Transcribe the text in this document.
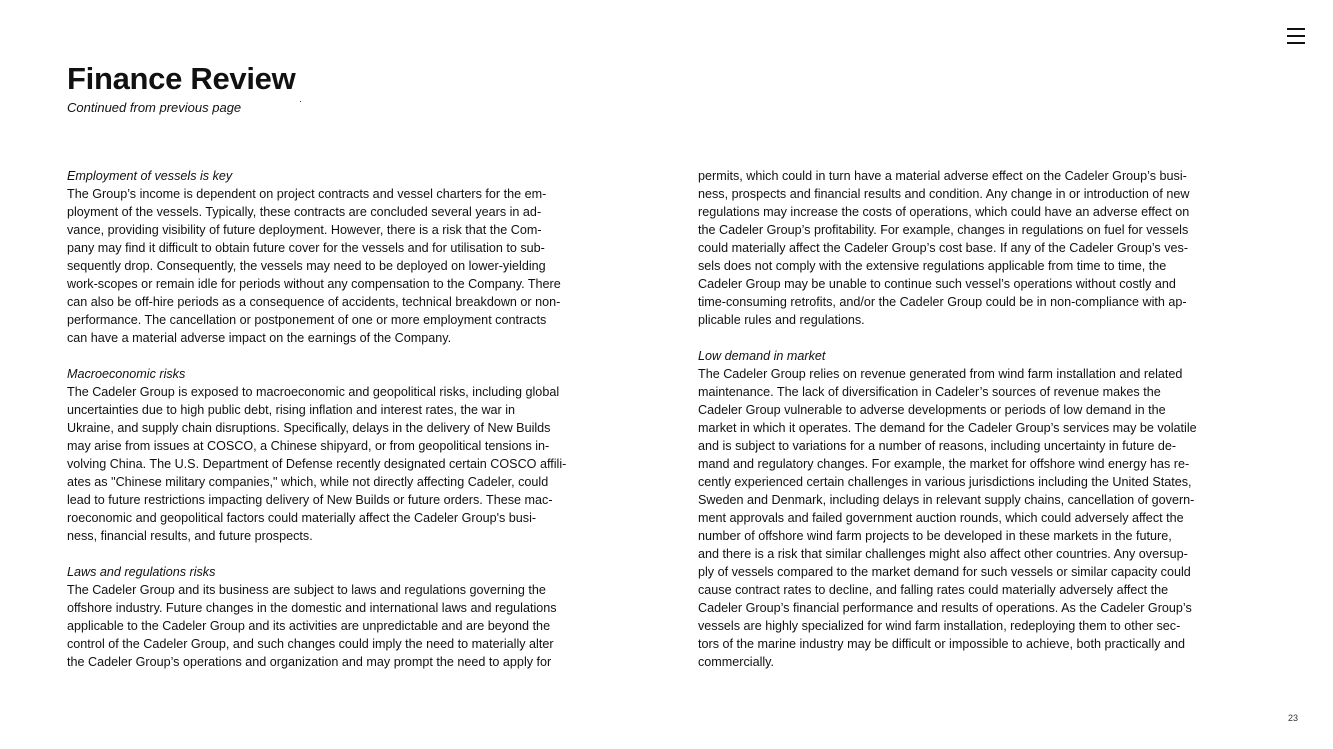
Finance Review

Continued from previous page

Employment of vessels is key

The Group’s income is dependent on project contracts and vessel charters for the em-

ployment of the vessels. Typically, these contracts are concluded several years in ad-

vance, providing visibility of future deployment. However, there is a risk that the Com-

pany may find it difficult to obtain future cover for the vessels and for utilisation to sub-

sequently drop. Consequently, the vessels may need to be deployed on lower-yielding

work-scopes or remain idle for periods without any compensation to the Company. There

can also be off-hire periods as a consequence of accidents, technical breakdown or non-

performance. The cancellation or postponement of one or more employment contracts

can have a material adverse impact on the earnings of the Company.

Macroeconomic risks

The Cadeler Group is exposed to macroeconomic and geopolitical risks, including global

uncertainties due to high public debt, rising inflation and interest rates, the war in

Ukraine, and supply chain disruptions. Specifically, delays in the delivery of New Builds

may arise from issues at COSCO, a Chinese shipyard, or from geopolitical tensions in-

volving China. The U.S. Department of Defense recently designated certain COSCO affili-

ates as "Chinese military companies," which, while not directly affecting Cadeler, could

lead to future restrictions impacting delivery of New Builds or future orders. These mac-

roeconomic and geopolitical factors could materially affect the Cadeler Group's busi-

ness, financial results, and future prospects.

Laws and regulations risks

The Cadeler Group and its business are subject to laws and regulations governing the

offshore industry. Future changes in the domestic and international laws and regulations

applicable to the Cadeler Group and its activities are unpredictable and are beyond the

control of the Cadeler Group, and such changes could imply the need to materially alter

the Cadeler Group’s operations and organization and may prompt the need to apply for

permits, which could in turn have a material adverse effect on the Cadeler Group’s busi-

ness, prospects and financial results and condition. Any change in or introduction of new

regulations may increase the costs of operations, which could have an adverse effect on

the Cadeler Group’s profitability. For example, changes in regulations on fuel for vessels

could materially affect the Cadeler Group’s cost base. If any of the Cadeler Group’s ves-

sels does not comply with the extensive regulations applicable from time to time, the

Cadeler Group may be unable to continue such vessel’s operations without costly and

time-consuming retrofits, and/or the Cadeler Group could be in non-compliance with ap-

plicable rules and regulations.

Low demand in market

The Cadeler Group relies on revenue generated from wind farm installation and related

maintenance. The lack of diversification in Cadeler’s sources of revenue makes the

Cadeler Group vulnerable to adverse developments or periods of low demand in the

market in which it operates. The demand for the Cadeler Group’s services may be volatile

and is subject to variations for a number of reasons, including uncertainty in future de-

mand and regulatory changes. For example, the market for offshore wind energy has re-

cently experienced certain challenges in various jurisdictions including the United States,

Sweden and Denmark, including delays in relevant supply chains, cancellation of govern-

ment approvals and failed government auction rounds, which could adversely affect the

number of offshore wind farm projects to be developed in these markets in the future,

and there is a risk that similar challenges might also affect other countries. Any oversup-

ply of vessels compared to the market demand for such vessels or similar capacity could

cause contract rates to decline, and falling rates could materially adversely affect the

Cadeler Group’s financial performance and results of operations. As the Cadeler Group’s

vessels are highly specialized for wind farm installation, redeploying them to other sec-

tors of the marine industry may be difficult or impossible to achieve, both practically and

commercially.

23
